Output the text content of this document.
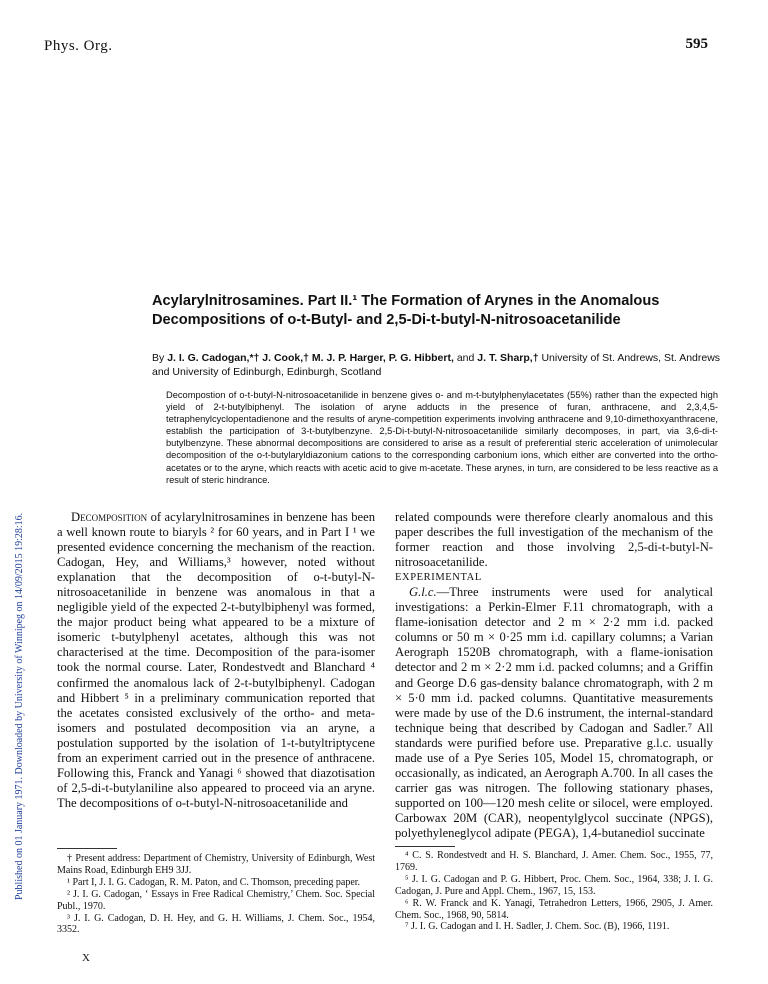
Published on 01 January 1971. Downloaded by University of Winnipeg on 14/09/2015 19:28:16.
Phys. Org.	595
Acylarylnitrosamines. Part II.¹ The Formation of Arynes in the Anomalous Decompositions of o-t-Butyl- and 2,5-Di-t-butyl-N-nitrosoacetanilide
By J. I. G. Cadogan,*† J. Cook,† M. J. P. Harger, P. G. Hibbert, and J. T. Sharp,† University of St. Andrews, St. Andrews and University of Edinburgh, Edinburgh, Scotland
Decompostion of o-t-butyl-N-nitrosoacetanilide in benzene gives o- and m-t-butylphenylacetates (55%) rather than the expected high yield of 2-t-butylbiphenyl. The isolation of aryne adducts in the presence of furan, anthracene, and 2,3,4,5-tetraphenylcyclopentadienone and the results of aryne-competition experiments involving anthracene and 9,10-dimethoxyanthracene, establish the participation of 3-t-butylbenzyne. 2,5-Di-t-butyl-N-nitrosoacetanilide similarly decomposes, in part, via 3,6-di-t-butylbenzyne. These abnormal decompositions are considered to arise as a result of preferential steric acceleration of unimolecular decomposition of the o-t-butylaryldiazonium cations to the corresponding carbonium ions, which either are converted into the ortho-acetates or to the aryne, which reacts with acetic acid to give m-acetate. These arynes, in turn, are considered to be less reactive as a result of steric hindrance.

Decomposition of acylarylnitrosamines in benzene has been a well known route to biaryls ² for 60 years, and in Part I ¹ we presented evidence concerning the mechanism of the reaction. Cadogan, Hey, and Williams,³ however, noted without explanation that the decomposition of o-t-butyl-N-nitrosoacetanilide in benzene was anomalous in that a negligible yield of the expected 2-t-butylbiphenyl was formed, the major product being what appeared to be a mixture of isomeric t-butylphenyl acetates, although this was not characterised at the time. Decomposition of the para-isomer took the normal course. Later, Rondestvedt and Blanchard ⁴ confirmed the anomalous lack of 2-t-butylbiphenyl. Cadogan and Hibbert ⁵ in a preliminary communication reported that the acetates consisted exclusively of the ortho- and meta-isomers and postulated decomposition via an aryne, a postulation supported by the isolation of 1-t-butyltriptycene from an experiment carried out in the presence of anthracene. Following this, Franck and Yanagi ⁶ showed that diazotisation of 2,5-di-t-butylaniline also appeared to proceed via an aryne. The decompositions of o-t-butyl-N-nitrosoacetanilide and

related compounds were therefore clearly anomalous and this paper describes the full investigation of the mechanism of the former reaction and those involving 2,5-di-t-butyl-N-nitrosoacetanilide.

EXPERIMENTAL

G.l.c.—Three instruments were used for analytical investigations: a Perkin-Elmer F.11 chromatograph, with a flame-ionisation detector and 2 m × 2·2 mm i.d. packed columns or 50 m × 0·25 mm i.d. capillary columns; a Varian Aerograph 1520B chromatograph, with a flame-ionisation detector and 2 m × 2·2 mm i.d. packed columns; and a Griffin and George D.6 gas-density balance chromatograph, with 2 m × 5·0 mm i.d. packed columns. Quantitative measurements were made by use of the D.6 instrument, the internal-standard technique being that described by Cadogan and Sadler.⁷ All standards were purified before use. Preparative g.l.c. usually made use of a Pye Series 105, Model 15, chromatograph, or occasionally, as indicated, an Aerograph A.700. In all cases the carrier gas was nitrogen. The following stationary phases, supported on 100—120 mesh celite or silocel, were employed. Carbowax 20M (CAR), neopentylglycol succinate (NPGS), polyethyleneglycol adipate (PEGA), 1,4-butanediol succinate

† Present address: Department of Chemistry, University of Edinburgh, West Mains Road, Edinburgh EH9 3JJ.
¹ Part I, J. I. G. Cadogan, R. M. Paton, and C. Thomson, preceding paper.
² J. I. G. Cadogan, ‘ Essays in Free Radical Chemistry,’ Chem. Soc. Special Publ., 1970.
³ J. I. G. Cadogan, D. H. Hey, and G. H. Williams, J. Chem. Soc., 1954, 3352.
⁴ C. S. Rondestvedt and H. S. Blanchard, J. Amer. Chem. Soc., 1955, 77, 1769.
⁵ J. I. G. Cadogan and P. G. Hibbert, Proc. Chem. Soc., 1964, 338; J. I. G. Cadogan, J. Pure and Appl. Chem., 1967, 15, 153.
⁶ R. W. Franck and K. Yanagi, Tetrahedron Letters, 1966, 2905, J. Amer. Chem. Soc., 1968, 90, 5814.
⁷ J. I. G. Cadogan and I. H. Sadler, J. Chem. Soc. (B), 1966, 1191.
X
